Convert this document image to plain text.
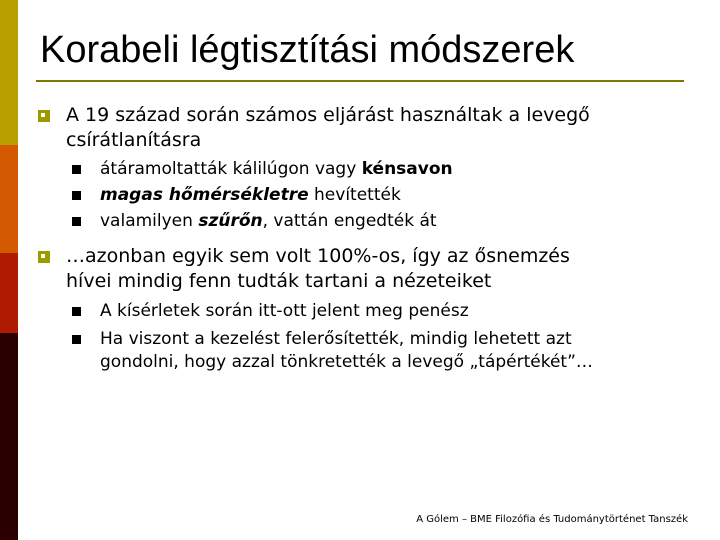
Korabeli légtisztítási módszerek
A 19 század során számos eljárást használtak a levegő
csírátlanításra
átáramoltatták kálilúgon vagy kénsavon
magas hőmérsékletre hevítették
valamilyen szűrőn, vattán engedték át
…azonban egyik sem volt 100%-os, így az ősnemzés
hívei mindig fenn tudták tartani a nézeteiket
A kísérletek során itt-ott jelent meg penész
Ha viszont a kezelést felerősítették, mindig lehetett azt
gondolni, hogy azzal tönkretették a levegő „tápértékét”…
A Gólem – BME Filozófia és Tudománytörténet Tanszék
